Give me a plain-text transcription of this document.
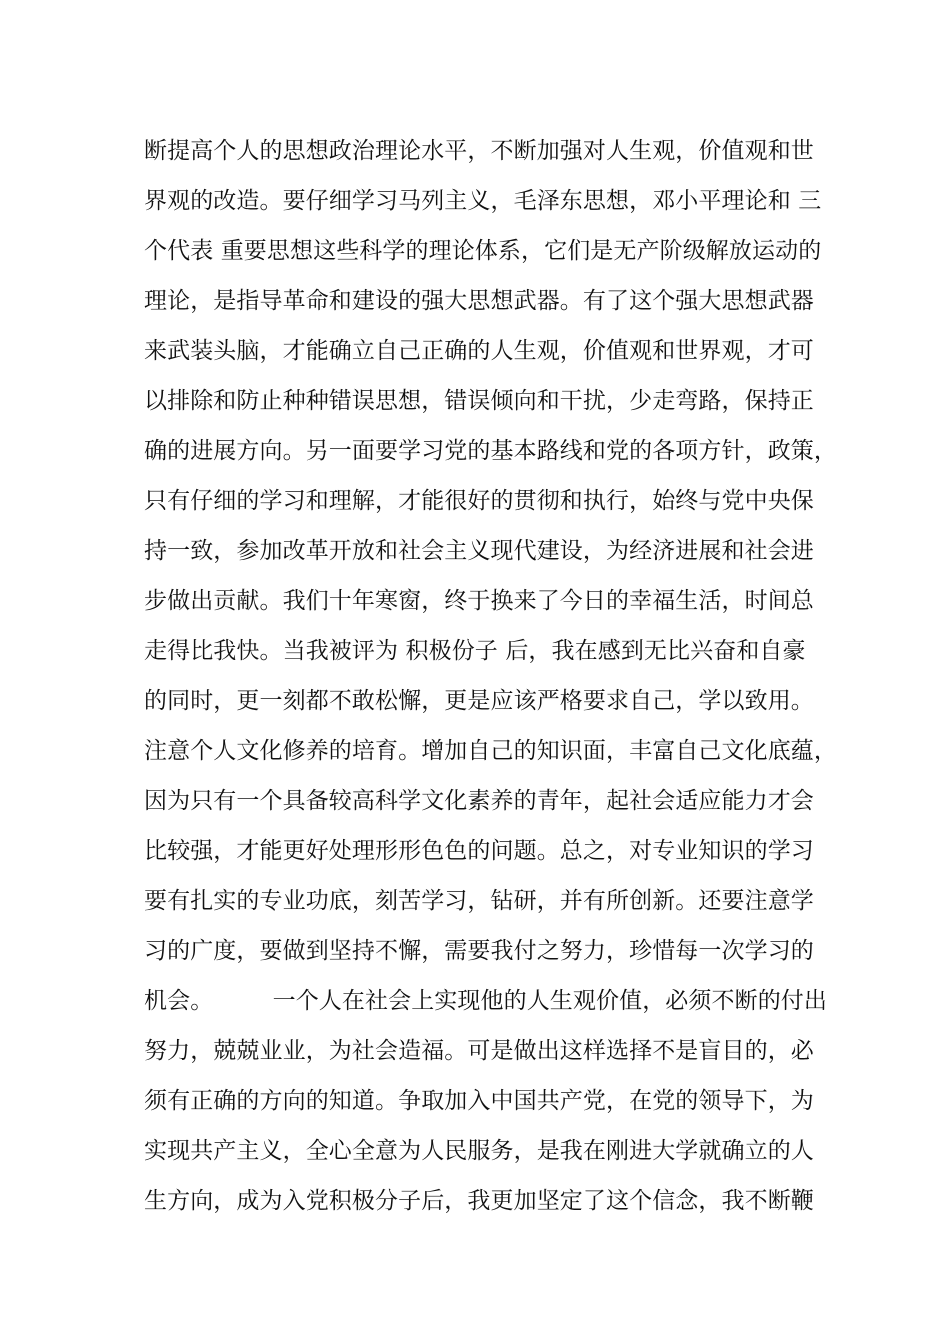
断提高个人的思想政治理论水平，不断加强对人生观，价值观和世
界观的改造。要仔细学习马列主义，毛泽东思想，邓小平理论和 三
个代表 重要思想这些科学的理论体系，它们是无产阶级解放运动的
理论，是指导革命和建设的强大思想武器。有了这个强大思想武器
来武装头脑，才能确立自己正确的人生观，价值观和世界观，才可
以排除和防止种种错误思想，错误倾向和干扰，少走弯路，保持正
确的进展方向。另一面要学习党的基本路线和党的各项方针，政策，
只有仔细的学习和理解，才能很好的贯彻和执行，始终与党中央保
持一致，参加改革开放和社会主义现代建设，为经济进展和社会进
步做出贡献。我们十年寒窗，终于换来了今日的幸福生活，时间总
走得比我快。当我被评为 积极份子 后，我在感到无比兴奋和自豪
的同时，更一刻都不敢松懈，更是应该严格要求自己，学以致用。
注意个人文化修养的培育。增加自己的知识面，丰富自己文化底蕴，
因为只有一个具备较高科学文化素养的青年，起社会适应能力才会
比较强，才能更好处理形形色色的问题。总之，对专业知识的学习
要有扎实的专业功底，刻苦学习，钻研，并有所创新。还要注意学
习的广度，要做到坚持不懈，需要我付之努力，珍惜每一次学习的
机会。        一个人在社会上实现他的人生观价值，必须不断的付出
努力，兢兢业业，为社会造福。可是做出这样选择不是盲目的，必
须有正确的方向的知道。争取加入中国共产党，在党的领导下，为
实现共产主义，全心全意为人民服务，是我在刚进大学就确立的人
生方向，成为入党积极分子后，我更加坚定了这个信念，我不断鞭
